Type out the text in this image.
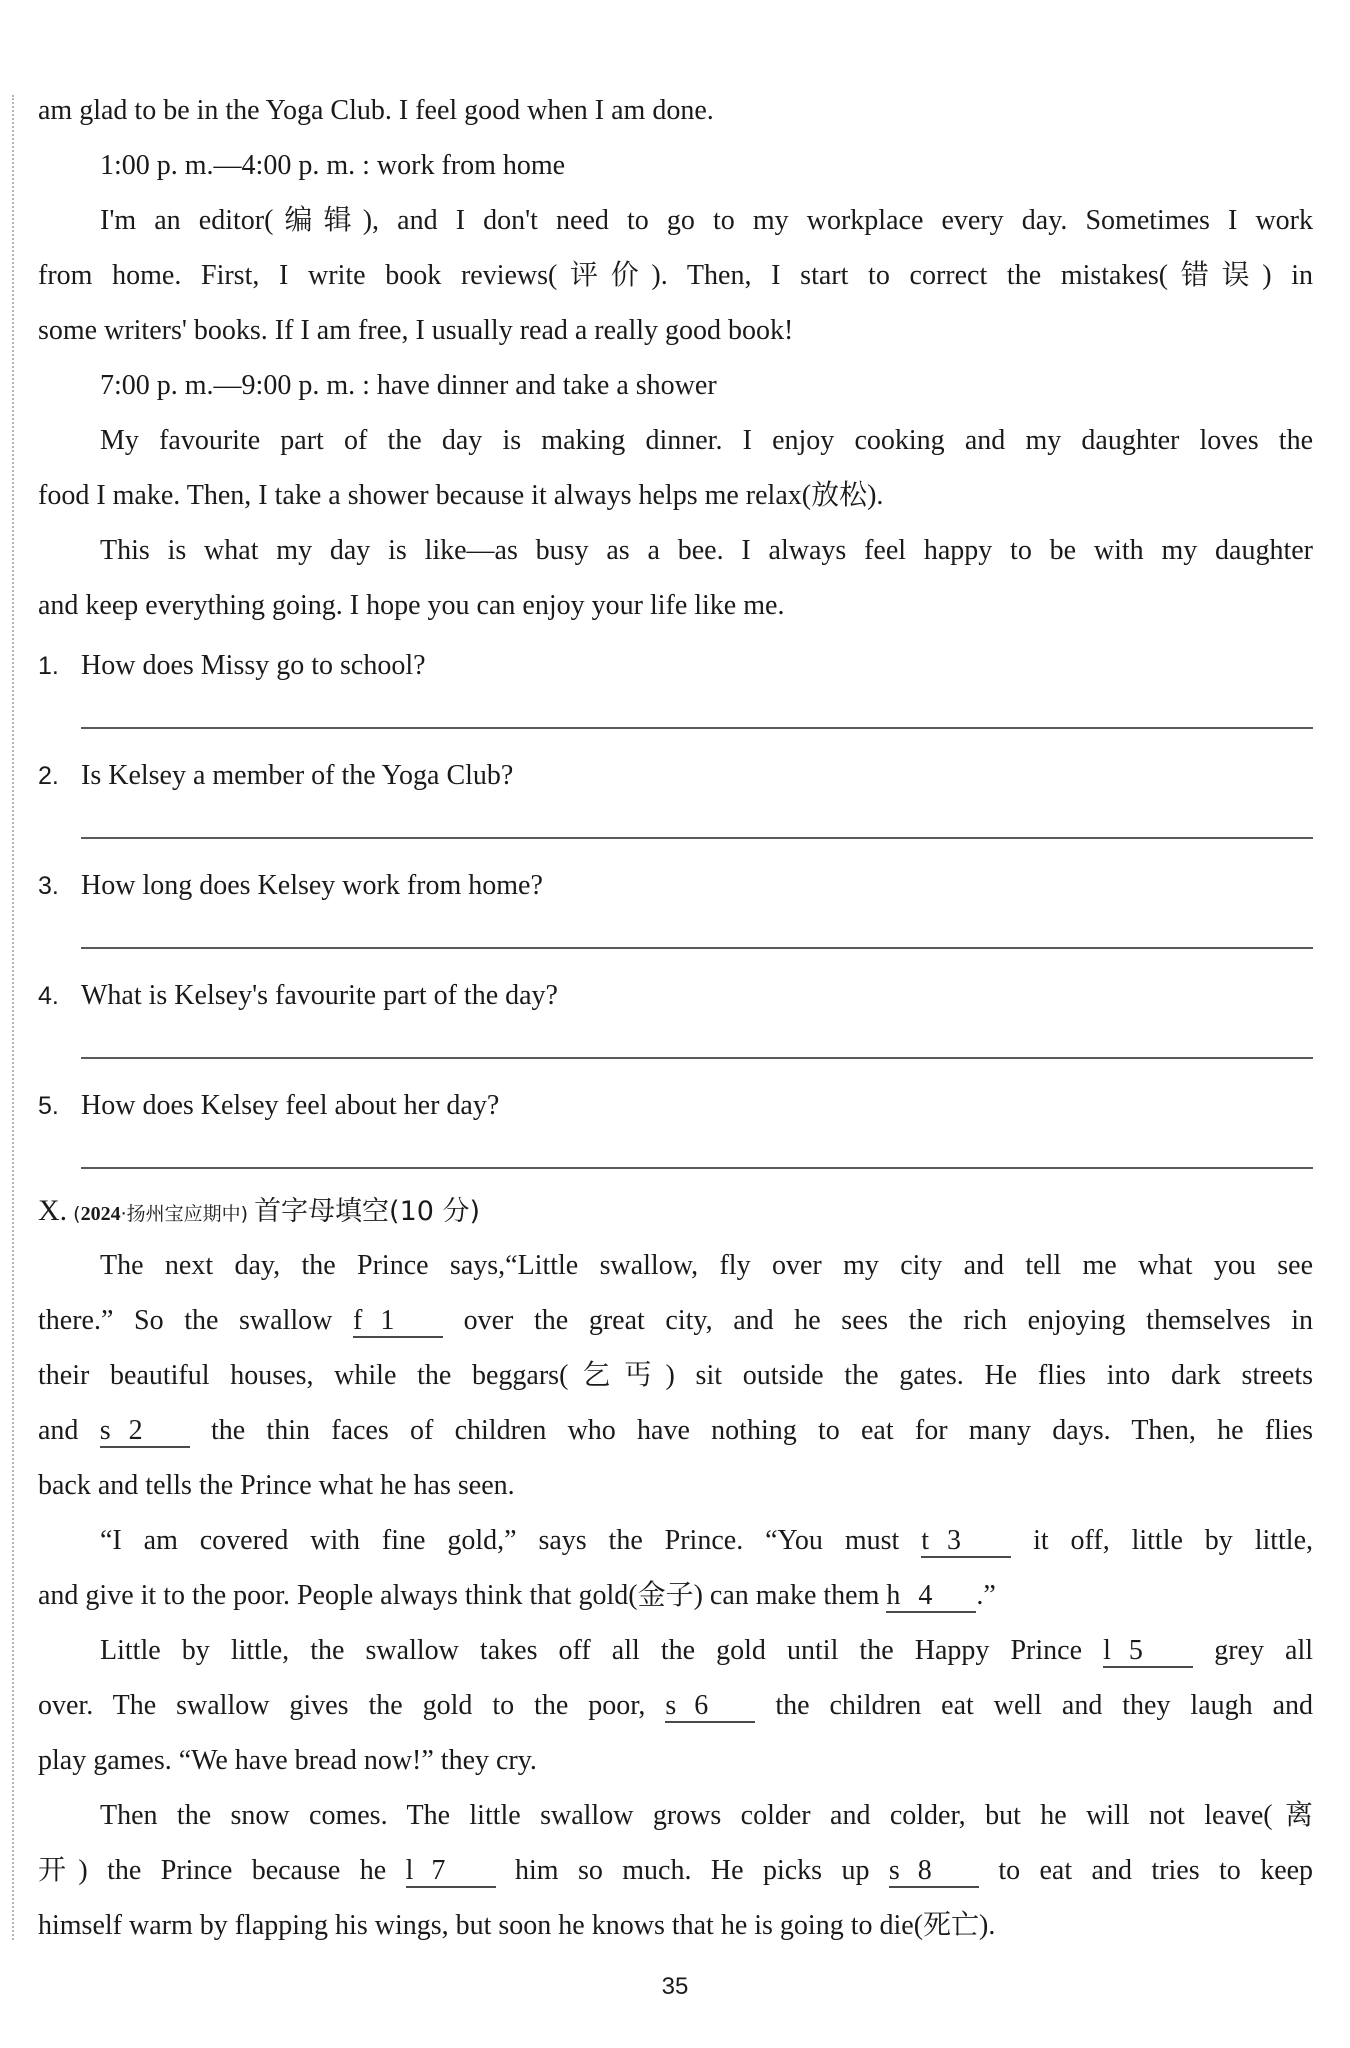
am glad to be in the Yoga Club. I feel good when I am done.
1:00 p. m.—4:00 p. m. : work from home
I'm an editor(编辑), and I don't need to go to my workplace every day. Sometimes I work
from home. First, I write book reviews(评价). Then, I start to correct the mistakes(错误) in
some writers' books. If I am free, I usually read a really good book!
7:00 p. m.—9:00 p. m. : have dinner and take a shower
My favourite part of the day is making dinner. I enjoy cooking and my daughter loves the
food I make. Then, I take a shower because it always helps me relax(放松).
This is what my day is like—as busy as a bee. I always feel happy to be with my daughter
and keep everything going. I hope you can enjoy your life like me.
1. How does Missy go to school?
2. Is Kelsey a member of the Yoga Club?
3. How long does Kelsey work from home?
4. What is Kelsey's favourite part of the day?
5. How does Kelsey feel about her day?
X. (2024·扬州宝应期中) 首字母填空(10 分)
The next day, the Prince says,“Little swallow, fly over my city and tell me what you see
there.” So the swallow f 1 over the great city, and he sees the rich enjoying themselves in
their beautiful houses, while the beggars(乞丐) sit outside the gates. He flies into dark streets
and s 2 the thin faces of children who have nothing to eat for many days. Then, he flies
back and tells the Prince what he has seen.
“I am covered with fine gold,” says the Prince. “You must t 3	it off, little by little,
and give it to the poor. People always think that gold(金子) can make them h 4 .”
Little by little, the swallow takes off all the gold until the Happy Prince l 5	grey all
over. The swallow gives the gold to the poor, s 6 the children eat well and they laugh and
play games. “We have bread now!” they cry.
Then the snow comes. The little swallow grows colder and colder, but he will not leave(离
开) the Prince because he l 7 him so much. He picks up s 8 to eat and tries to keep
himself warm by flapping his wings, but soon he knows that he is going to die(死亡).
35
